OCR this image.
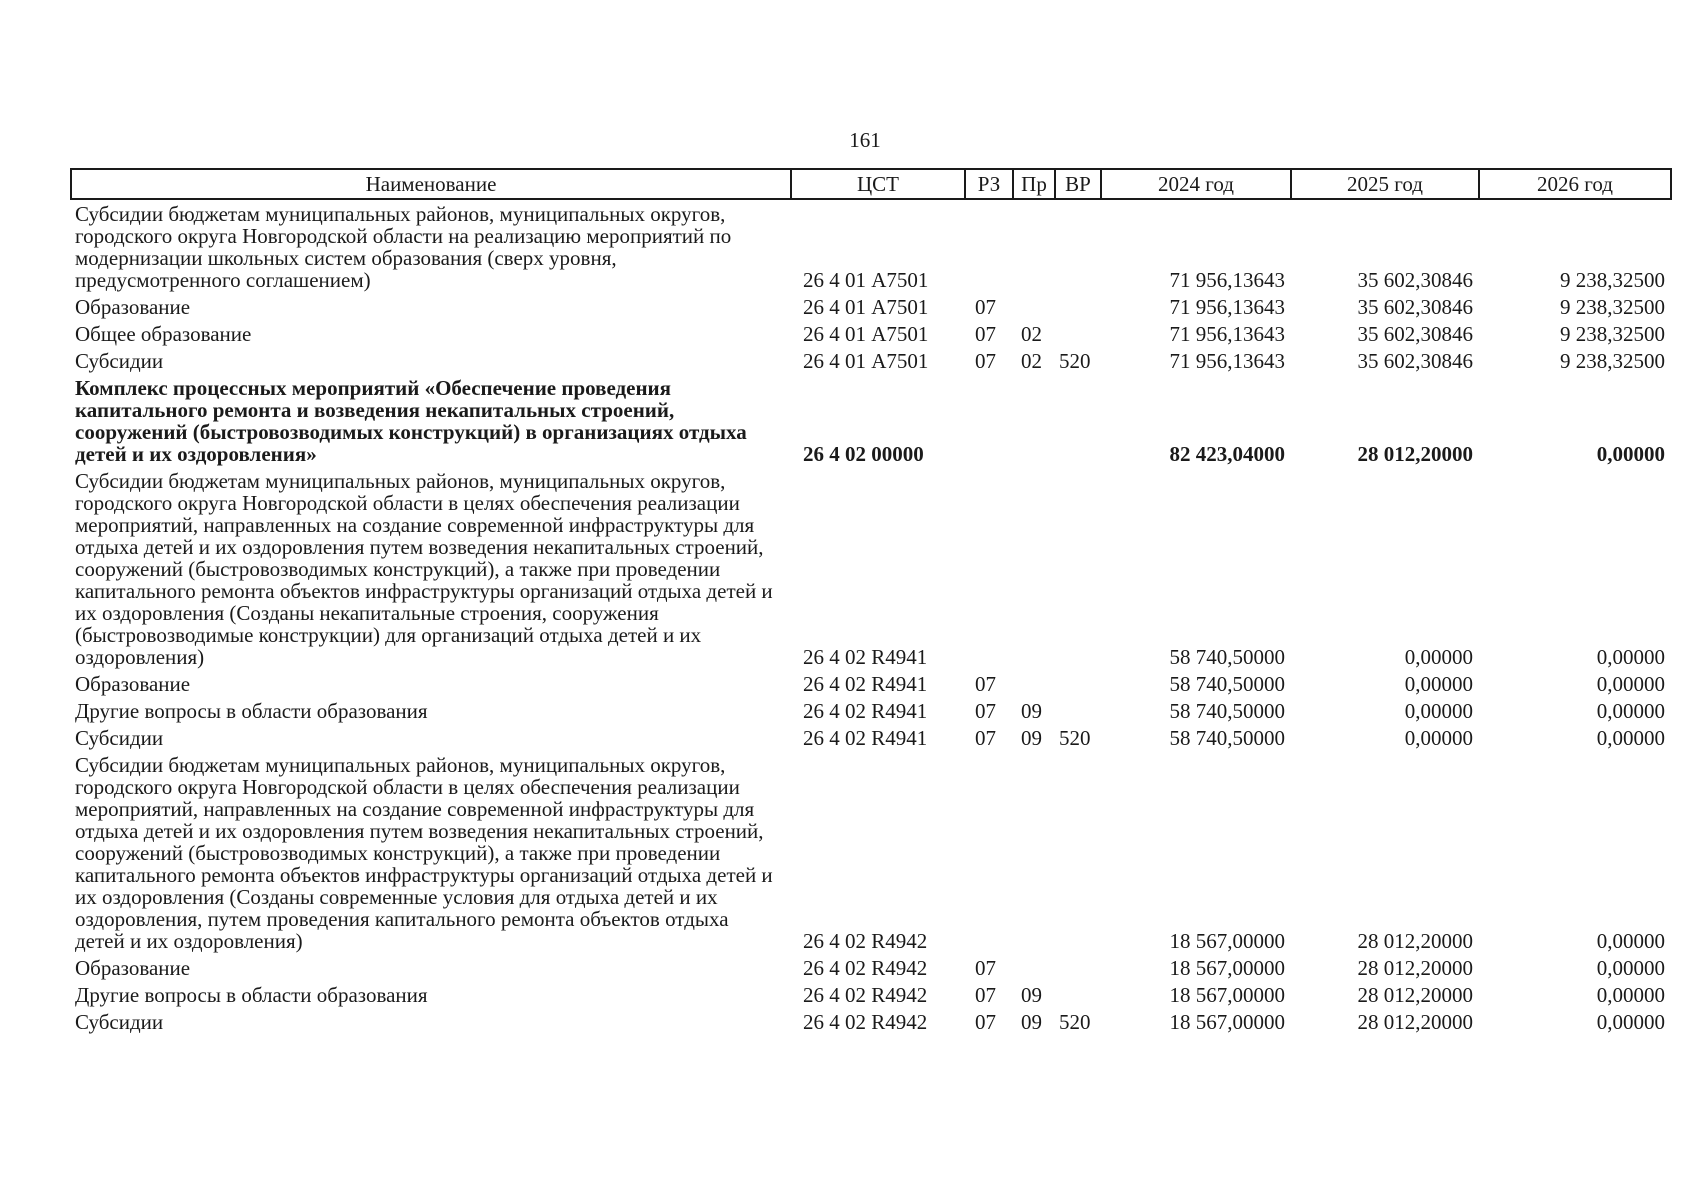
161
Наименование	ЦСТ	РЗ	Пр	ВР	2024 год	2025 год	2026 год
Субсидии бюджетам муниципальных районов, муниципальных округов, городского округа Новгородской области на реализацию мероприятий по модернизации школьных систем образования (сверх уровня, предусмотренного соглашением)	26 4 01 А7501				71 956,13643	35 602,30846	9 238,32500
Образование	26 4 01 А7501	07			71 956,13643	35 602,30846	9 238,32500
Общее образование	26 4 01 А7501	07	02		71 956,13643	35 602,30846	9 238,32500
Субсидии	26 4 01 А7501	07	02	520	71 956,13643	35 602,30846	9 238,32500
Комплекс процессных мероприятий «Обеспечение проведения капитального ремонта и возведения некапитальных строений, сооружений (быстровозводимых конструкций) в организациях отдыха детей и их оздоровления»	26 4 02 00000				82 423,04000	28 012,20000	0,00000
Субсидии бюджетам муниципальных районов, муниципальных округов, городского округа Новгородской области в целях обеспечения реализации мероприятий, направленных на создание современной инфраструктуры для отдыха детей и их оздоровления путем возведения некапитальных строений, сооружений (быстровозводимых конструкций), а также при проведении капитального ремонта объектов инфраструктуры организаций отдыха детей и их оздоровления (Созданы некапитальные строения, сооружения (быстровозводимые конструкции) для организаций отдыха детей и их оздоровления)	26 4 02 R4941				58 740,50000	0,00000	0,00000
Образование	26 4 02 R4941	07			58 740,50000	0,00000	0,00000
Другие вопросы в области образования	26 4 02 R4941	07	09		58 740,50000	0,00000	0,00000
Субсидии	26 4 02 R4941	07	09	520	58 740,50000	0,00000	0,00000
Субсидии бюджетам муниципальных районов, муниципальных округов, городского округа Новгородской области в целях обеспечения реализации мероприятий, направленных на создание современной инфраструктуры для отдыха детей и их оздоровления путем возведения некапитальных строений, сооружений (быстровозводимых конструкций), а также при проведении капитального ремонта объектов инфраструктуры организаций отдыха детей и их оздоровления (Созданы современные условия для отдыха детей и их оздоровления, путем проведения капитального ремонта объектов отдыха детей и их оздоровления)	26 4 02 R4942				18 567,00000	28 012,20000	0,00000
Образование	26 4 02 R4942	07			18 567,00000	28 012,20000	0,00000
Другие вопросы в области образования	26 4 02 R4942	07	09		18 567,00000	28 012,20000	0,00000
Субсидии	26 4 02 R4942	07	09	520	18 567,00000	28 012,20000	0,00000
